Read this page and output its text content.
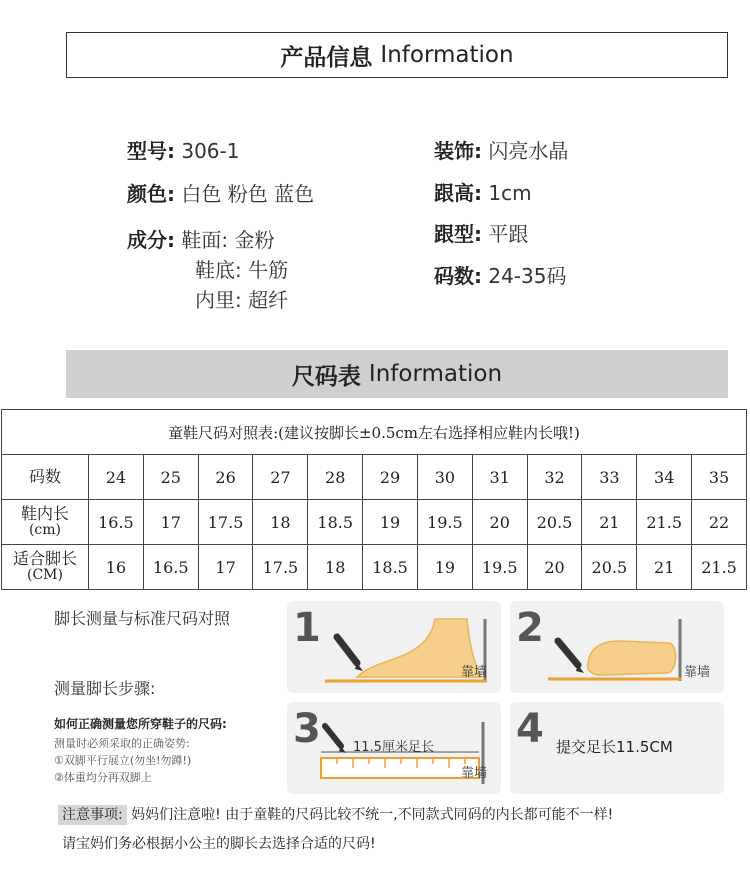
产品信息 Information
型号: 306-1
颜色: 白色 粉色 蓝色
成分: 鞋面: 金粉
鞋底: 牛筋
内里: 超纤
装饰: 闪亮水晶
跟高: 1cm
跟型: 平跟
码数: 24-35码
尺码表 Information
童鞋尺码对照表:(建议按脚长±0.5cm左右选择相应鞋内长哦!)												
码数	24	25	26	27	28	29	30	31	32	33	34	35

鞋内长
(cm)	16.5	17	17.5	18	18.5	19	19.5	20	20.5	21	21.5	22

适合脚长
(CM)	16	16.5	17	17.5	18	18.5	19	19.5	20	20.5	21	21.5
脚长测量与标准尺码对照
测量脚长步骤:
如何正确测量您所穿鞋子的尺码:
测量时必须采取的正确姿势:
①双脚平行展立(勿坐!勿蹲!)
②体重均分再双脚上
1
靠墙
2
靠墙
3 11.5厘米足长
靠墙
4 提交足长11.5CM
注意事项: 妈妈们注意啦! 由于童鞋的尺码比较不统一,不同款式同码的内长都可能不一样!
请宝妈们务必根据小公主的脚长去选择合适的尺码!
